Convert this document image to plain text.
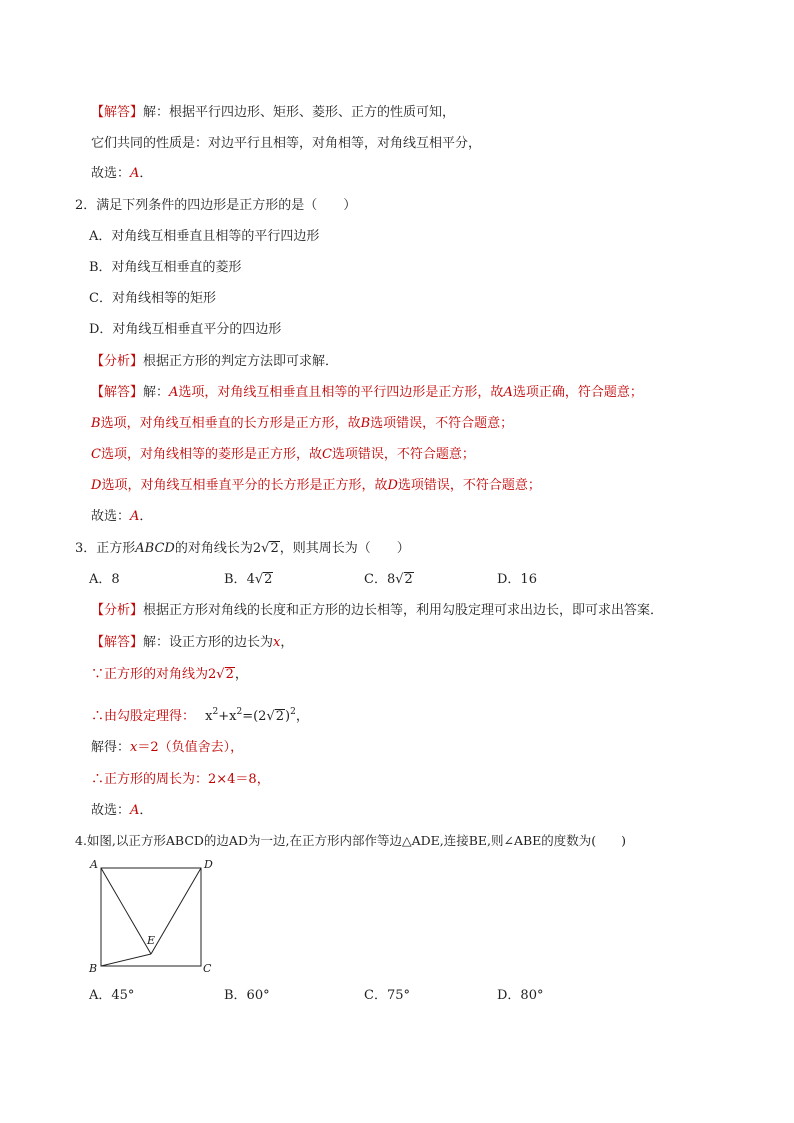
【解答】解：根据平行四边形、矩形、菱形、正方的性质可知，
它们共同的性质是：对边平行且相等，对角相等，对角线互相平分，
故选：A．
2．满足下列条件的四边形是正方形的是（　　）
A．对角线互相垂直且相等的平行四边形
B．对角线互相垂直的菱形
C．对角线相等的矩形
D．对角线互相垂直平分的四边形
【分析】根据正方形的判定方法即可求解．
【解答】解：A选项，对角线互相垂直且相等的平行四边形是正方形，故A选项正确，符合题意；
B选项，对角线互相垂直的长方形是正方形，故B选项错误，不符合题意；
C选项，对角线相等的菱形是正方形，故C选项错误，不符合题意；
D选项，对角线互相垂直平分的长方形是正方形，故D选项错误，不符合题意；
故选：A．
3．正方形ABCD的对角线长为2√2，则其周长为（　　）
A．8	B．4√2	C．8√2	D．16
【分析】根据正方形对角线的长度和正方形的边长相等，利用勾股定理可求出边长，即可求出答案．
【解答】解：设正方形的边长为x，
∵正方形的对角线为2√2，
∴由勾股定理得： $x^2+x^2=(2√2)^2$，
解得：x＝2（负值舍去），
∴正方形的周长为：2×4＝8，
故选：A．
4.如图,以正方形ABCD的边AD为一边,在正方形内部作等边△ADE,连接BE,则∠ABE的度数为(　　)
A	D
B	C
E
A．45°	B．60°	C．75°	D．80°
